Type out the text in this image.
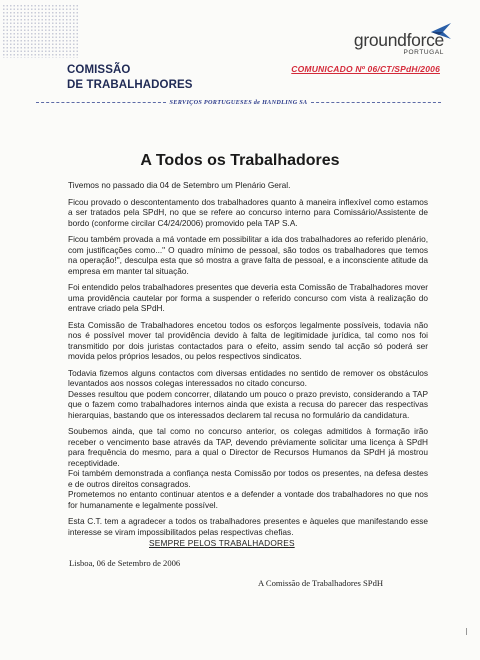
COMISSÃO
DE TRABALHADORES
groundforce
PORTUGAL
COMUNICADO Nº 06/CT/SPdH/2006
SERVIÇOS PORTUGUESES de HANDLING SA
A Todos os Trabalhadores

Tivemos no passado dia 04 de Setembro um Plenário Geral.

Ficou provado o descontentamento dos trabalhadores quanto à maneira inflexível como estamos a ser tratados pela SPdH, no que se refere ao concurso interno para Comissário/Assistente de bordo (conforme circilar C4/24/2006) promovido pela TAP S.A.

Ficou também provada a má vontade em possibilitar a ida dos trabalhadores ao referido plenário, com justificações como..." O quadro mínimo de pessoal, são todos os trabalhadores que temos na operação!", desculpa esta que só mostra a grave falta de pessoal, e a inconsciente atitude da empresa em manter tal situação.

Foi entendido pelos trabalhadores presentes que deveria esta Comissão de Trabalhadores mover uma providência cautelar por forma a suspender o referido concurso com vista à realização do entrave criado pela SPdH.

Esta Comissão de Trabalhadores encetou todos os esforços legalmente possíveis, todavia não nos é possível mover tal providência devido à falta de legitimidade jurídica, tal como nos foi transmitido por dois juristas contactados para o efeito, assim sendo tal acção só poderá ser movida pelos próprios lesados, ou pelos respectivos sindicatos.

Todavia fizemos alguns contactos com diversas entidades no sentido de remover os obstáculos levantados aos nossos colegas interessados no citado concurso.

Desses resultou que podem concorrer, dilatando um pouco o prazo previsto, considerando a TAP que o fazem como trabalhadores internos ainda que exista a recusa do parecer das respectivas hierarquias, bastando que os interessados declarem tal recusa no formulário da candidatura.

Soubemos ainda, que tal como no concurso anterior, os colegas admitidos à formação irão receber o vencimento base através da TAP, devendo prèviamente solicitar uma licença à SPdH para frequência do mesmo, para a qual o Director de Recursos Humanos da SPdH já mostrou receptividade.

Foi também demonstrada a confiança nesta Comissão por todos os presentes, na defesa destes e de outros direitos consagrados.

Prometemos no entanto continuar atentos e a defender a vontade dos trabalhadores no que nos for humanamente e legalmente possível.

Esta C.T. tem a agradecer a todos os trabalhadores presentes e àqueles que manifestando esse interesse se viram impossibilitados pelas respectivas chefias.

SEMPRE PELOS TRABALHADORES
Lisboa, 06 de Setembro de 2006
A Comissão de Trabalhadores SPdH
